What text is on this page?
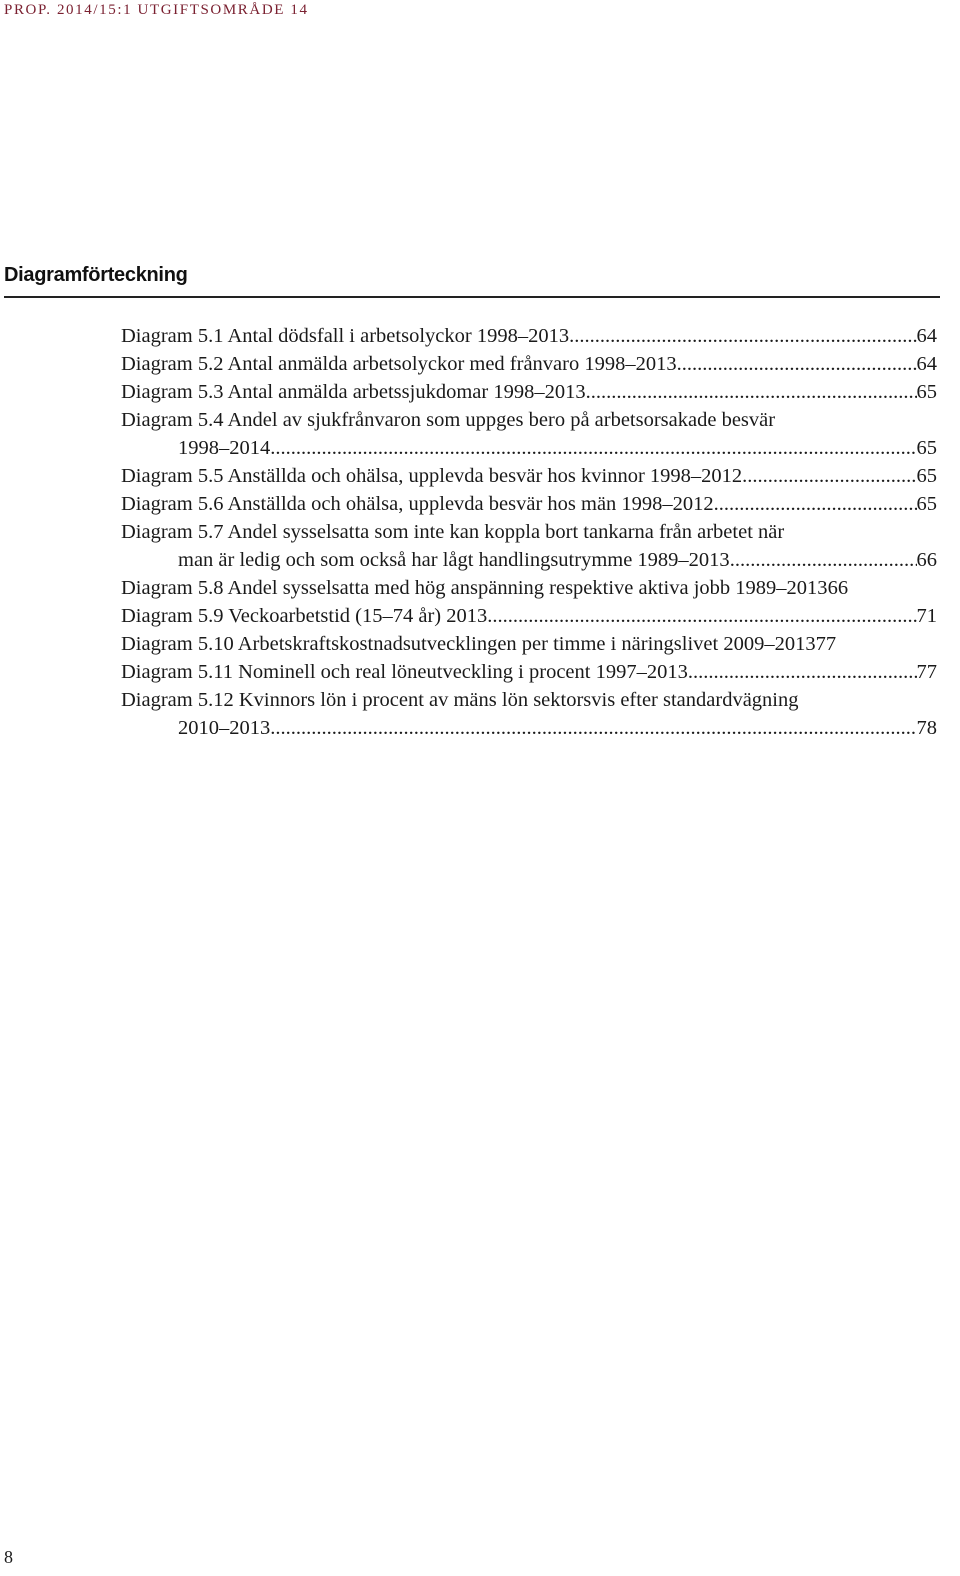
PROP. 2014/15:1 UTGIFTSOMRÅDE 14
Diagramförteckning
Diagram 5.1 Antal dödsfall i arbetsolyckor 1998–2013 .....	64
Diagram 5.2 Antal anmälda arbetsolyckor med frånvaro 1998–2013 .....	64
Diagram 5.3 Antal anmälda arbetssjukdomar 1998–2013 .....	65
Diagram 5.4 Andel av sjukfrånvaron som uppges bero på arbetsorsakade besvär
1998–2014 .....	65
Diagram 5.5 Anställda och ohälsa, upplevda besvär hos kvinnor 1998–2012 .....	65
Diagram 5.6 Anställda och ohälsa, upplevda besvär hos män 1998–2012 .....	65
Diagram 5.7 Andel sysselsatta som inte kan koppla bort tankarna från arbetet när
man är ledig och som också har lågt handlingsutrymme 1989–2013 .....	66
Diagram 5.8 Andel sysselsatta med hög anspänning respektive aktiva jobb 1989–2013 66
Diagram 5.9 Veckoarbetstid (15–74 år) 2013 .....	71
Diagram 5.10 Arbetskraftskostnadsutvecklingen per timme i näringslivet 2009–2013 77
Diagram 5.11 Nominell och real löneutveckling i procent 1997–2013 .....	77
Diagram 5.12 Kvinnors lön i procent av mäns lön sektorsvis efter standardvägning
2010–2013 .....	78
8
